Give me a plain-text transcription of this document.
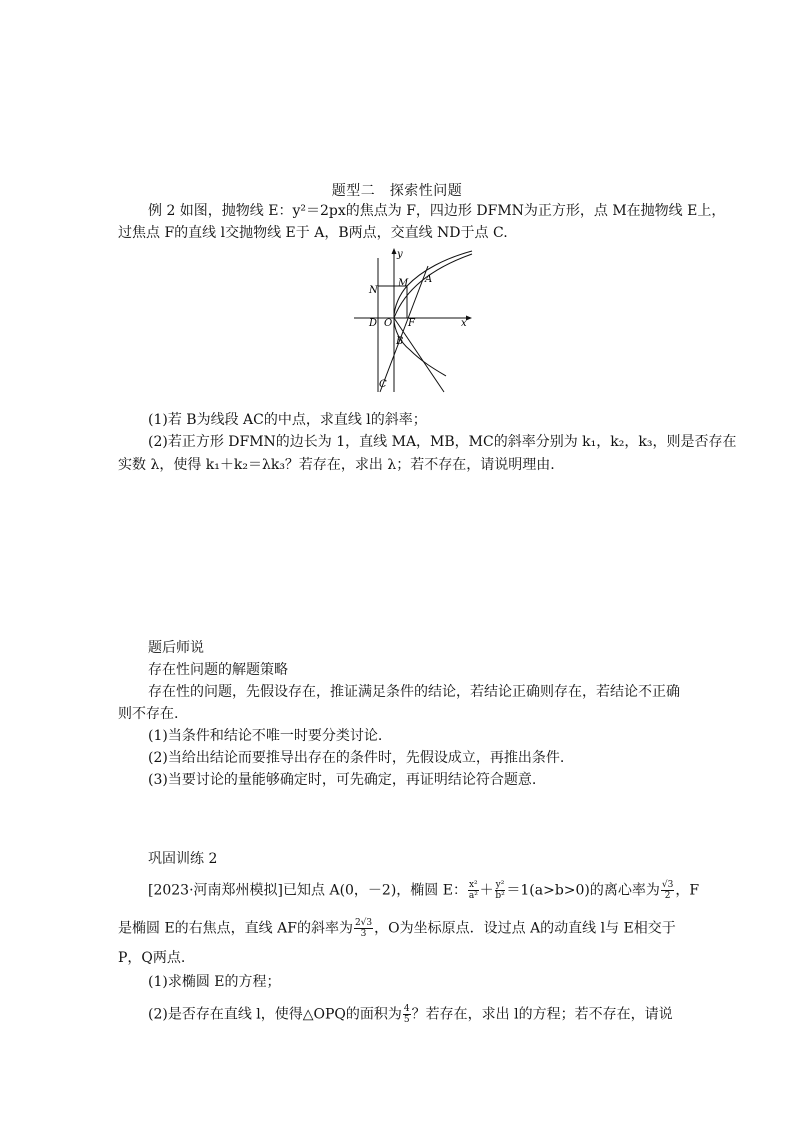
题型二　探索性问题
例 2 如图，抛物线 E：y²＝2px的焦点为 F，四边形 DFMN为正方形，点 M在抛物线 E上，
过焦点 F的直线 l交抛物线 E于 A，B两点，交直线 ND于点 C.
y
x
A
M
N
D O F
B
C
(1)若 B为线段 AC的中点，求直线 l的斜率；
(2)若正方形 DFMN的边长为 1，直线 MA，MB，MC的斜率分别为 k₁，k₂，k₃，则是否存在
实数 λ，使得 k₁＋k₂＝λk₃？若存在，求出 λ；若不存在，请说明理由.
题后师说
存在性问题的解题策略
存在性的问题，先假设存在，推证满足条件的结论，若结论正确则存在，若结论不正确
则不存在.
(1)当条件和结论不唯一时要分类讨论.
(2)当给出结论而要推导出存在的条件时，先假设成立，再推出条件.
(3)当要讨论的量能够确定时，可先确定，再证明结论符合题意.
巩固训练 2
[2023·河南郑州模拟]已知点 A(0，－2)，椭圆 E： $\frac{\text{x²}}{\text{a²}} + \frac{\text{y²}}{\text{b²}} =1(a>b>0)$的离心率为 $\frac{√3}{2}$ ，F
是椭圆 E的右焦点，直线 AF的斜率为 $\frac{2√3}{3}$ ，O为坐标原点．设过点 A的动直线 l与 E相交于
P，Q两点.
(1)求椭圆 E的方程；
(2)是否存在直线 l，使得△OPQ的面积为 $\frac{4}{5}$ ？若存在，求出 l的方程；若不存在，请说
